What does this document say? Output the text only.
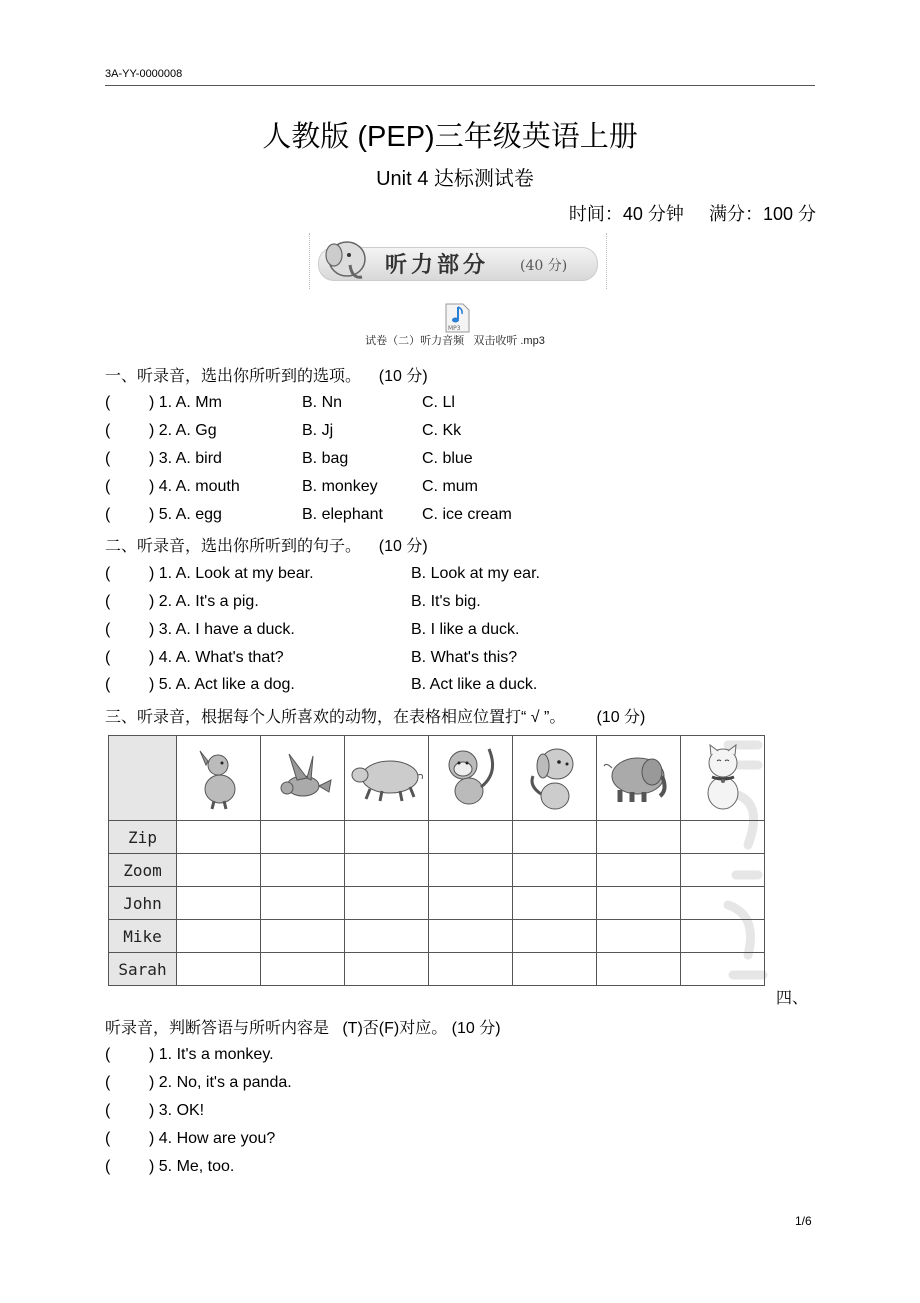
3A-YY-0000008
人教版 (PEP)三年级英语上册
Unit 4 达标测试卷
时间：40 分钟 满分：100 分
听力部分 (40 分)
MP3
试卷（二）听力音频   双击收听 .mp3
一、听录音，选出你所听到的选项。 (10 分)
( ) 1. A. Mm	B. Nn	C. Ll
( ) 2. A. Gg	B. Jj	C. Kk
( ) 3. A. bird	B. bag	C. blue
( ) 4. A. mouth	B. monkey	C. mum
( ) 5. A. egg	B. elephant C. ice cream
二、听录音，选出你所听到的句子。 (10 分)
( ) 1. A. Look at my bear.	B. Look at my ear.
( ) 2. A. It's a pig.	B. It's big.
( ) 3. A. I have a duck.	B. I like a duck.
( ) 4. A. What's that?	B. What's this?
( ) 5. A. Act like a dog.	B. Act like a duck.
三、听录音，根据每个人所喜欢的动物，在表格相应位置打“ √ ”。 (10 分)

Zip							
Zoom							
John							
Mike							
Sarah							
四、
听录音，判断答语与所听内容是   (T)否(F)对应。 (10 分)
( ) 1. It's a monkey.
( ) 2. No, it's a panda.
( ) 3. OK!
( ) 4. How are you?
( ) 5. Me, too.
1/6
